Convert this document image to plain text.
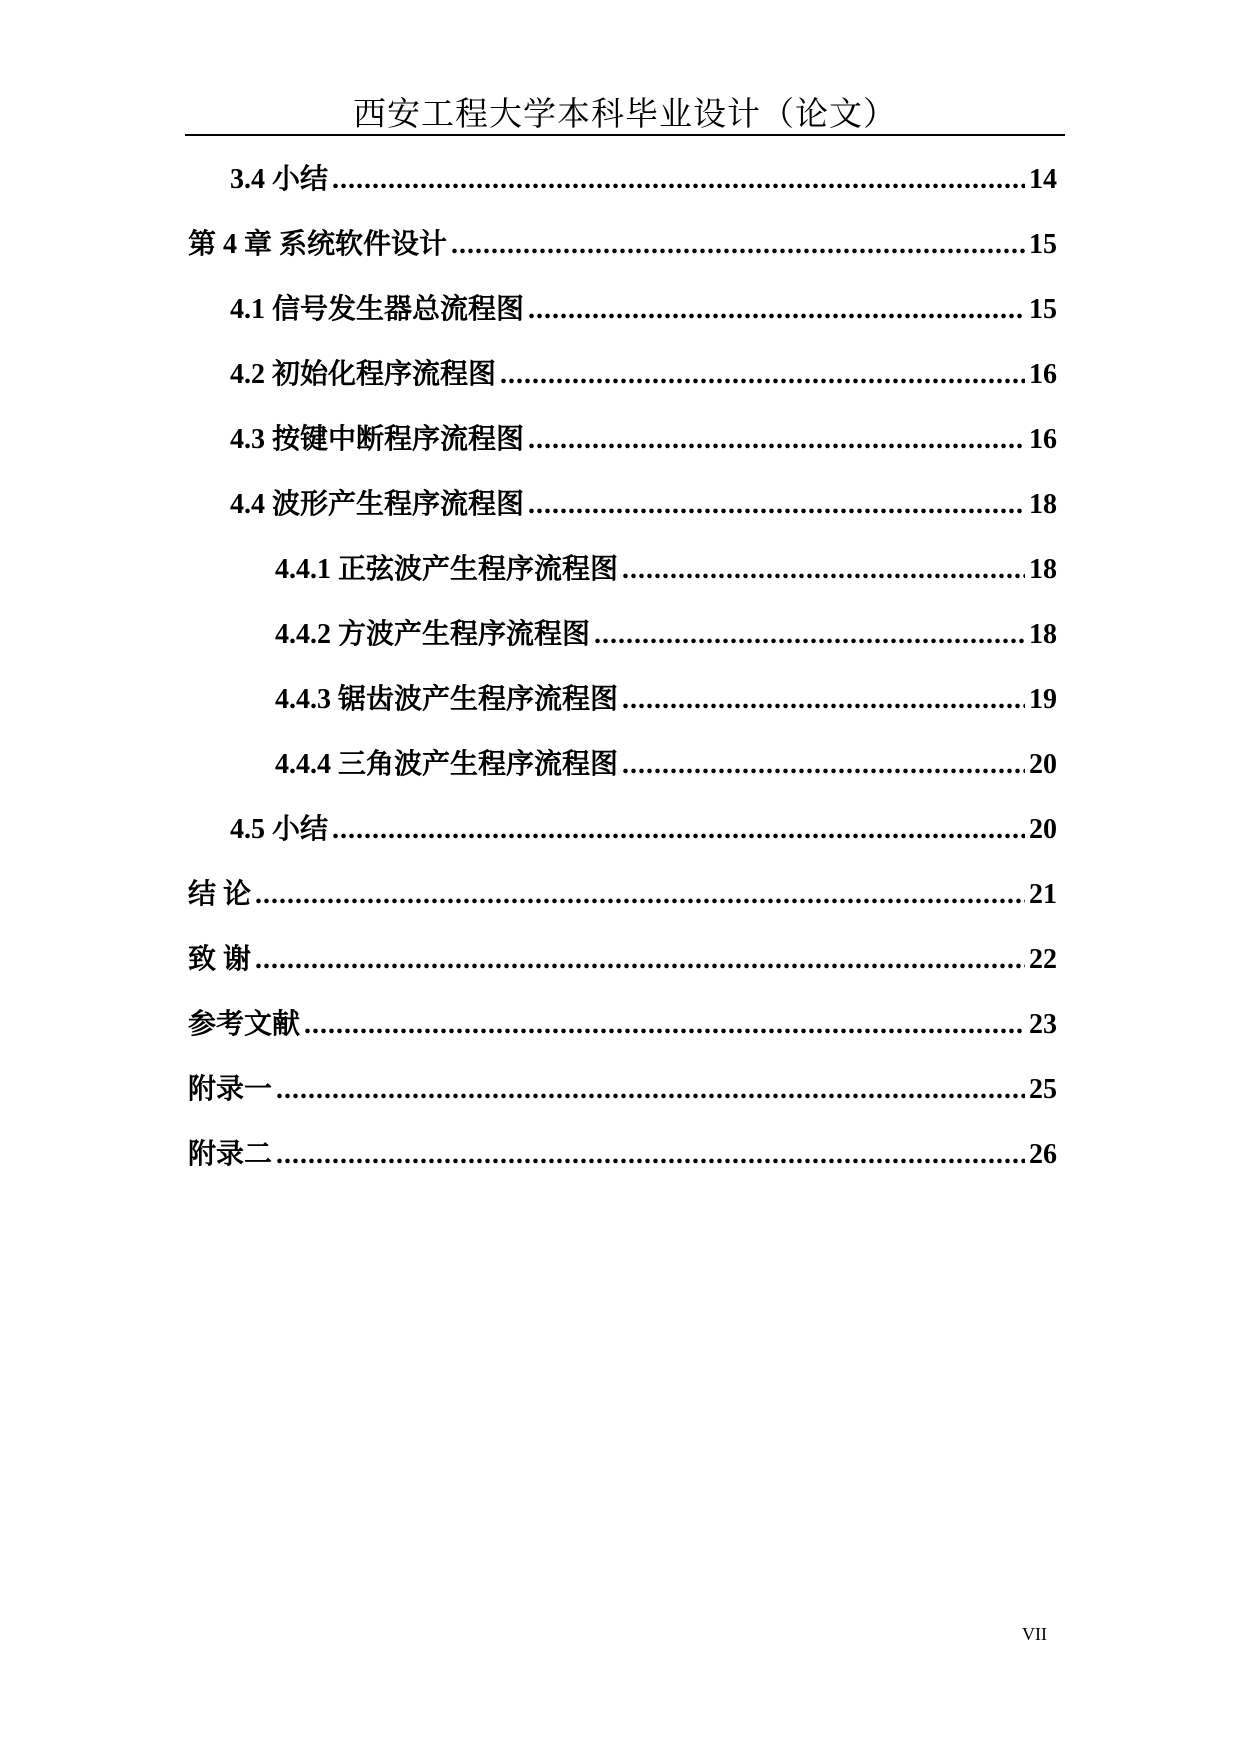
西安工程大学本科毕业设计（论文）
3.4 小结 .....	14
第 4 章 系统软件设计 .....	15
4.1 信号发生器总流程图 .....	15
4.2 初始化程序流程图 .....	16
4.3 按键中断程序流程图 .....	16
4.4 波形产生程序流程图 .....	18
4.4.1 正弦波产生程序流程图 .....	18
4.4.2 方波产生程序流程图 .....	18
4.4.3 锯齿波产生程序流程图 .....	19
4.4.4 三角波产生程序流程图 .....	20
4.5 小结 .....	20
结 论 .....	21
致 谢 .....	22
参考文献 .....	23
附录一 .....	25
附录二 .....	26
VII
